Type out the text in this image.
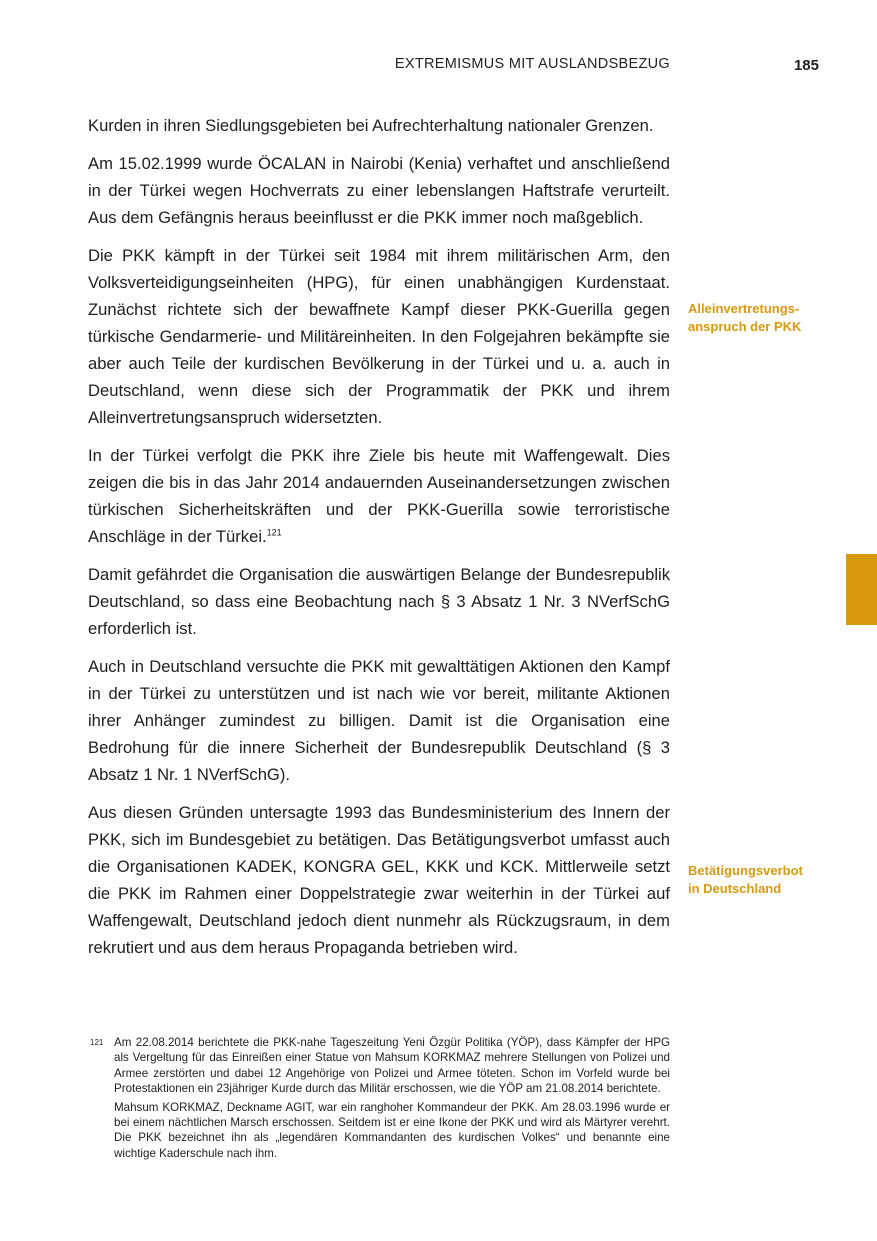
EXTREMISMUS MIT AUSLANDSBEZUG	185

Kurden in ihren Siedlungsgebieten bei Aufrechterhaltung nationaler Grenzen.

Am 15.02.1999 wurde ÖCALAN in Nairobi (Kenia) verhaftet und anschließend in der Türkei wegen Hochverrats zu einer lebenslangen Haftstrafe verurteilt. Aus dem Gefängnis heraus beeinflusst er die PKK immer noch maßgeblich.

Die PKK kämpft in der Türkei seit 1984 mit ihrem militärischen Arm, den Volksverteidigungseinheiten (HPG), für einen unabhängigen Kurdenstaat. Zunächst richtete sich der bewaffnete Kampf dieser PKK-Guerilla gegen türkische Gendarmerie- und Militäreinheiten. In den Folgejahren bekämpfte sie aber auch Teile der kurdischen Bevölkerung in der Türkei und u. a. auch in Deutschland, wenn diese sich der Programmatik der PKK und ihrem Alleinvertretungsanspruch widersetzten.

In der Türkei verfolgt die PKK ihre Ziele bis heute mit Waffengewalt. Dies zeigen die bis in das Jahr 2014 andauernden Auseinandersetzungen zwischen türkischen Sicherheitskräften und der PKK-Guerilla sowie terroristische Anschläge in der Türkei.$^{121}$

Damit gefährdet die Organisation die auswärtigen Belange der Bundesrepublik Deutschland, so dass eine Beobachtung nach § 3 Absatz 1 Nr. 3 NVerfSchG erforderlich ist.

Auch in Deutschland versuchte die PKK mit gewalttätigen Aktionen den Kampf in der Türkei zu unterstützen und ist nach wie vor bereit, militante Aktionen ihrer Anhänger zumindest zu billigen. Damit ist die Organisation eine Bedrohung für die innere Sicherheit der Bundesrepublik Deutschland (§ 3 Absatz 1 Nr. 1 NVerfSchG).

Aus diesen Gründen untersagte 1993 das Bundesministerium des Innern der PKK, sich im Bundesgebiet zu betätigen. Das Betätigungsverbot umfasst auch die Organisationen KADEK, KONGRA GEL, KKK und KCK. Mittlerweile setzt die PKK im Rahmen einer Doppelstrategie zwar weiterhin in der Türkei auf Waffengewalt, Deutschland jedoch dient nunmehr als Rückzugsraum, in dem rekrutiert und aus dem heraus Propaganda betrieben wird.

Alleinvertretungs-
anspruch der PKK
Betätigungsverbot
in Deutschland
121 Am 22.08.2014 berichtete die PKK-nahe Tageszeitung Yeni Özgür Politika (YÖP), dass Kämpfer der HPG als Vergeltung für das Einreißen einer Statue von Mahsum KORKMAZ mehrere Stellungen von Polizei und Armee zerstörten und dabei 12 Angehörige von Polizei und Armee töteten. Schon im Vorfeld wurde bei Protestaktionen ein 23jähriger Kurde durch das Militär erschossen, wie die YÖP am 21.08.2014 berichtete.

Mahsum KORKMAZ, Deckname AGIT, war ein ranghoher Kommandeur der PKK. Am 28.03.1996 wurde er bei einem nächtlichen Marsch erschossen. Seitdem ist er eine Ikone der PKK und wird als Märtyrer verehrt. Die PKK bezeichnet ihn als „legendären Kommandanten des kurdischen Volkes“ und benannte eine wichtige Kaderschule nach ihm.
